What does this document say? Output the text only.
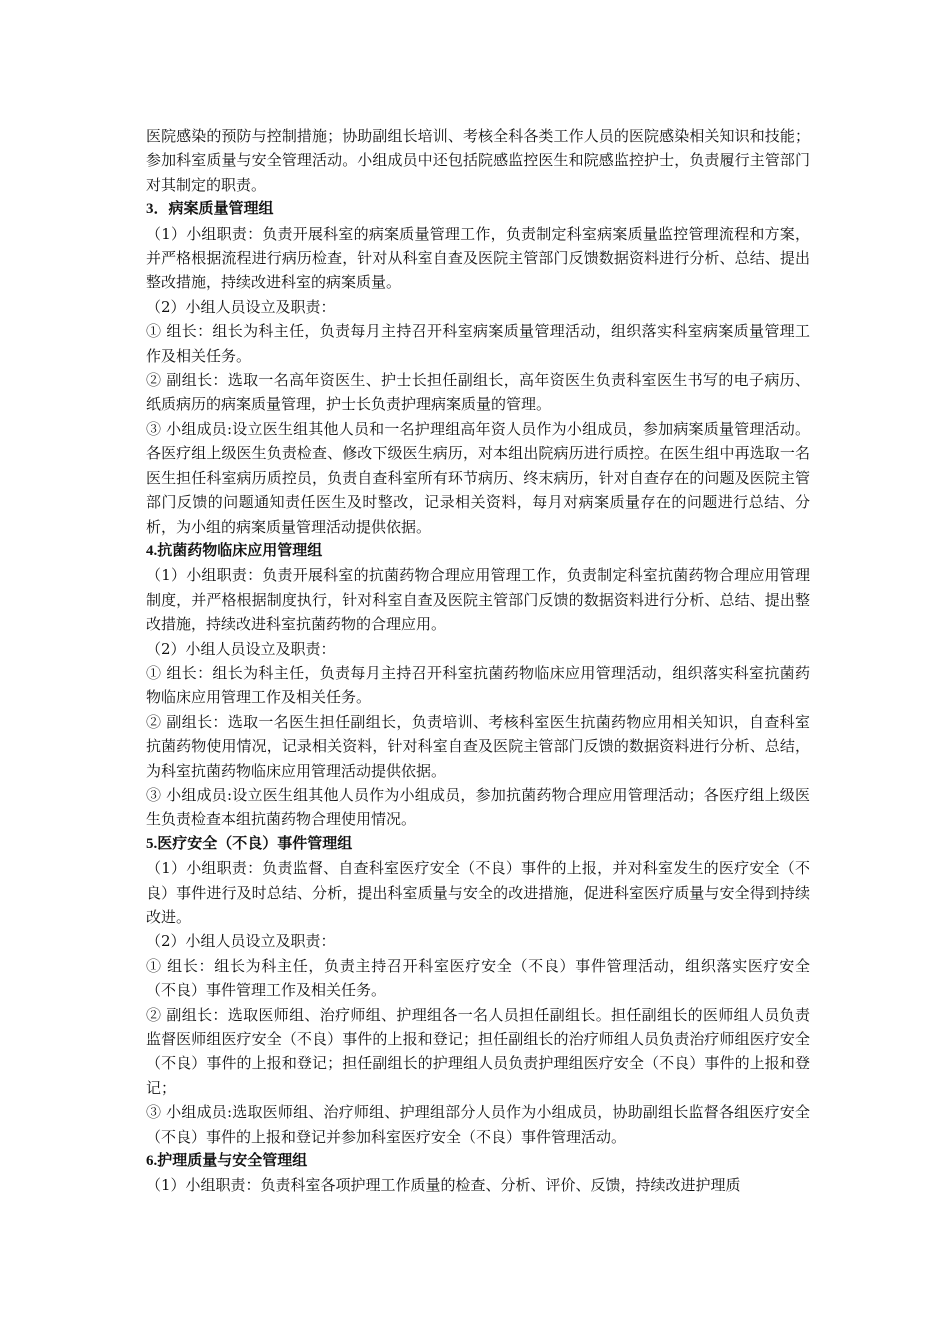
医院感染的预防与控制措施；协助副组长培训、考核全科各类工作人员的医院感染相关知识和技能；参加科室质量与安全管理活动。小组成员中还包括院感监控医生和院感监控护士，负责履行主管部门对其制定的职责。

3．病案质量管理组

（1）小组职责：负责开展科室的病案质量管理工作，负责制定科室病案质量监控管理流程和方案，并严格根据流程进行病历检查，针对从科室自查及医院主管部门反馈数据资料进行分析、总结、提出整改措施，持续改进科室的病案质量。

（2）小组人员设立及职责：

① 组长：组长为科主任，负责每月主持召开科室病案质量管理活动，组织落实科室病案质量管理工作及相关任务。

② 副组长：选取一名高年资医生、护士长担任副组长，高年资医生负责科室医生书写的电子病历、纸质病历的病案质量管理，护士长负责护理病案质量的管理。

③ 小组成员:设立医生组其他人员和一名护理组高年资人员作为小组成员，参加病案质量管理活动。各医疗组上级医生负责检查、修改下级医生病历，对本组出院病历进行质控。在医生组中再选取一名医生担任科室病历质控员，负责自查科室所有环节病历、终末病历，针对自查存在的问题及医院主管部门反馈的问题通知责任医生及时整改，记录相关资料，每月对病案质量存在的问题进行总结、分析，为小组的病案质量管理活动提供依据。

4.抗菌药物临床应用管理组

（1）小组职责：负责开展科室的抗菌药物合理应用管理工作，负责制定科室抗菌药物合理应用管理制度，并严格根据制度执行，针对科室自查及医院主管部门反馈的数据资料进行分析、总结、提出整改措施，持续改进科室抗菌药物的合理应用。

（2）小组人员设立及职责：

① 组长：组长为科主任，负责每月主持召开科室抗菌药物临床应用管理活动，组织落实科室抗菌药物临床应用管理工作及相关任务。

② 副组长：选取一名医生担任副组长，负责培训、考核科室医生抗菌药物应用相关知识，自查科室抗菌药物使用情况，记录相关资料，针对科室自查及医院主管部门反馈的数据资料进行分析、总结，为科室抗菌药物临床应用管理活动提供依据。

③ 小组成员:设立医生组其他人员作为小组成员，参加抗菌药物合理应用管理活动；各医疗组上级医生负责检查本组抗菌药物合理使用情况。

5.医疗安全（不良）事件管理组

（1）小组职责：负责监督、自查科室医疗安全（不良）事件的上报，并对科室发生的医疗安全（不良）事件进行及时总结、分析，提出科室质量与安全的改进措施，促进科室医疗质量与安全得到持续改进。

（2）小组人员设立及职责：

① 组长：组长为科主任，负责主持召开科室医疗安全（不良）事件管理活动，组织落实医疗安全（不良）事件管理工作及相关任务。

② 副组长：选取医师组、治疗师组、护理组各一名人员担任副组长。担任副组长的医师组人员负责监督医师组医疗安全（不良）事件的上报和登记；担任副组长的治疗师组人员负责治疗师组医疗安全（不良）事件的上报和登记；担任副组长的护理组人员负责护理组医疗安全（不良）事件的上报和登记；

③ 小组成员:选取医师组、治疗师组、护理组部分人员作为小组成员，协助副组长监督各组医疗安全（不良）事件的上报和登记并参加科室医疗安全（不良）事件管理活动。

6.护理质量与安全管理组

（1）小组职责：负责科室各项护理工作质量的检查、分析、评价、反馈，持续改进护理质
